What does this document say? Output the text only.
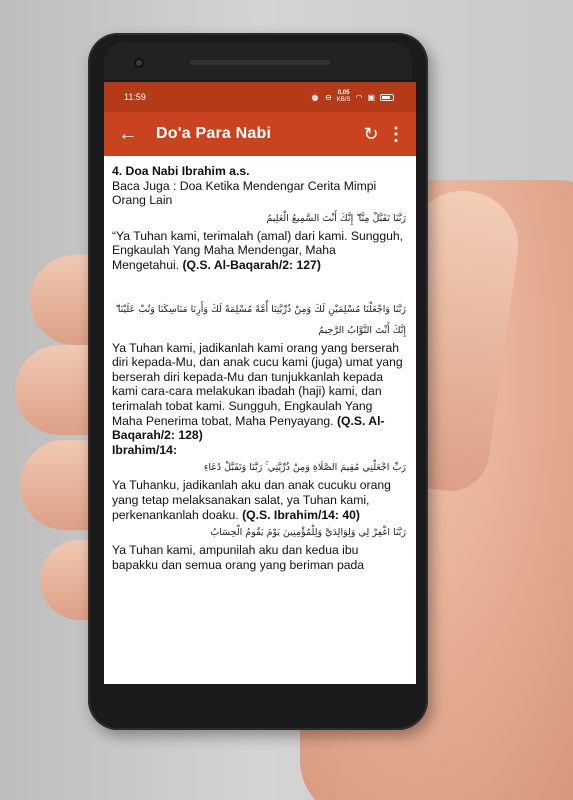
11:59	⏰ ⊖ 0,05
KB/S ◠ ▣
←	Do'a Para Nabi	↻ ⋮

4. Doa Nabi Ibrahim a.s.

Baca Juga : Doa Ketika Mendengar Cerita Mimpi Orang Lain

رَبَّنَا تَقَبَّلْ مِنَّا ۖ إِنَّكَ أَنْتَ السَّمِيعُ الْعَلِيمُ

“Ya Tuhan kami, terimalah (amal) dari kami. Sungguh, Engkaulah Yang Maha Mendengar, Maha Mengetahui. (Q.S. Al-Baqarah/2: 127)

رَبَّنَا وَاجْعَلْنَا مُسْلِمَيْنِ لَكَ وَمِنْ ذُرِّيَّتِنَا أُمَّةً مُسْلِمَةً لَكَ وَأَرِنَا مَنَاسِكَنَا وَتُبْ عَلَيْنَا ۖ إِنَّكَ أَنْتَ التَّوَّابُ الرَّحِيمُ

Ya Tuhan kami, jadikanlah kami orang yang berserah diri kepada-Mu, dan anak cucu kami (juga) umat yang berserah diri kepada-Mu dan tunjukkanlah kepada kami cara-cara melakukan ibadah (haji) kami, dan terimalah tobat kami. Sungguh, Engkaulah Yang Maha Penerima tobat, Maha Penyayang. (Q.S. Al-Baqarah/2: 128)

Ibrahim/14:

رَبِّ اجْعَلْنِي مُقِيمَ الصَّلَاةِ وَمِنْ ذُرِّيَّتِي ۚ رَبَّنَا وَتَقَبَّلْ دُعَاءِ

Ya Tuhanku, jadikanlah aku dan anak cucuku orang yang tetap melaksanakan salat, ya Tuhan kami, perkenankanlah doaku. (Q.S. Ibrahim/14: 40)

رَبَّنَا اغْفِرْ لِي وَلِوَالِدَيَّ وَلِلْمُؤْمِنِينَ يَوْمَ يَقُومُ الْحِسَابُ

Ya Tuhan kami, ampunilah aku dan kedua ibu bapakku dan semua orang yang beriman pada
